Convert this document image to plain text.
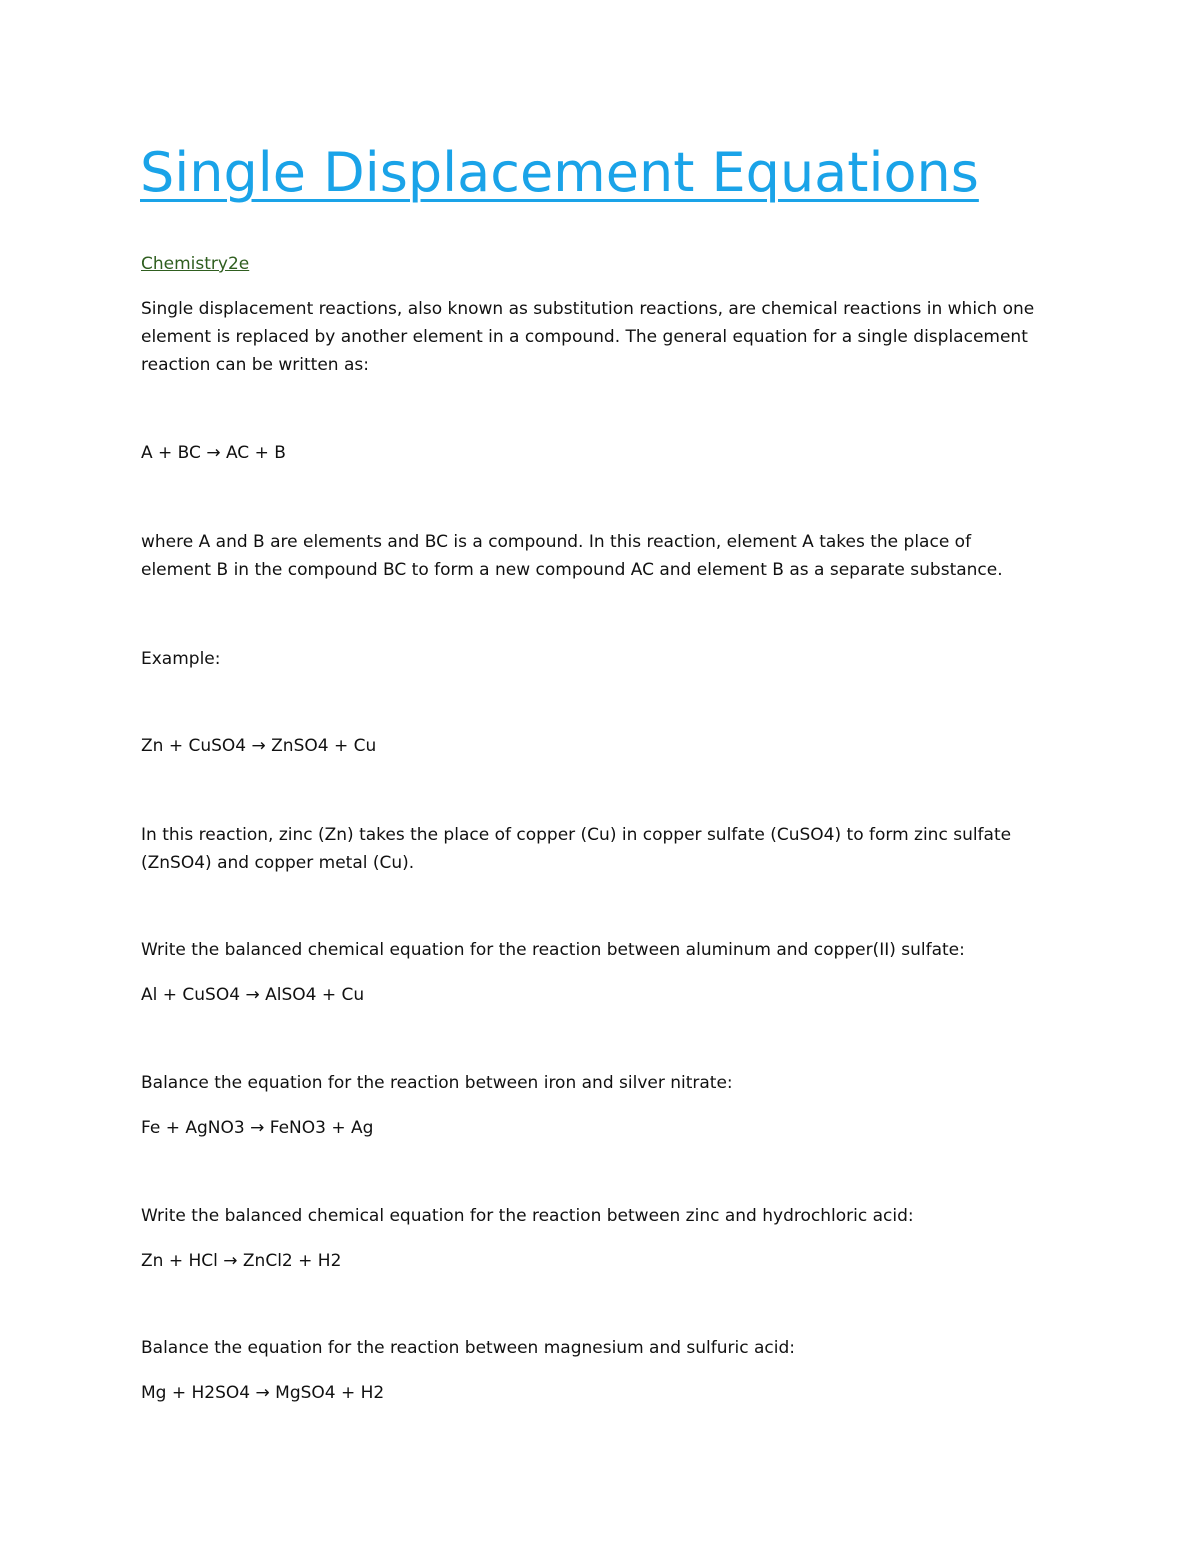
Single Displacement Equations
Chemistry2e
Single displacement reactions, also known as substitution reactions, are chemical reactions in which one
element is replaced by another element in a compound. The general equation for a single displacement
reaction can be written as:
A + BC → AC + B
where A and B are elements and BC is a compound. In this reaction, element A takes the place of
element B in the compound BC to form a new compound AC and element B as a separate substance.
Example:
Zn + CuSO4 → ZnSO4 + Cu
In this reaction, zinc (Zn) takes the place of copper (Cu) in copper sulfate (CuSO4) to form zinc sulfate
(ZnSO4) and copper metal (Cu).
Write the balanced chemical equation for the reaction between aluminum and copper(II) sulfate:
Al + CuSO4 → AlSO4 + Cu
Balance the equation for the reaction between iron and silver nitrate:
Fe + AgNO3 → FeNO3 + Ag
Write the balanced chemical equation for the reaction between zinc and hydrochloric acid:
Zn + HCl → ZnCl2 + H2
Balance the equation for the reaction between magnesium and sulfuric acid:
Mg + H2SO4 → MgSO4 + H2
